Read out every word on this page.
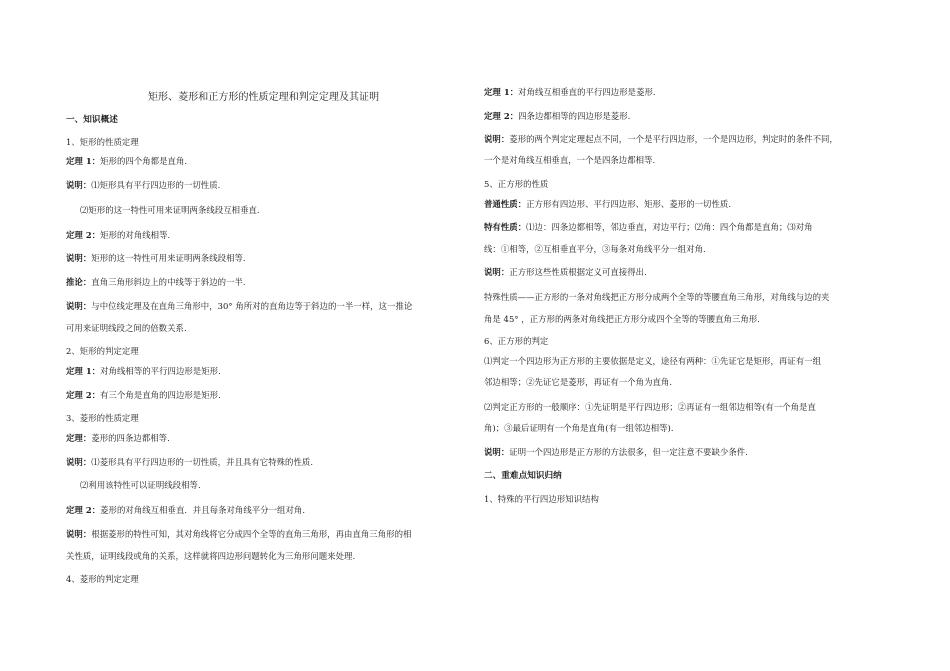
矩形、菱形和正方形的性质定理和判定定理及其证明
一、知识概述
1、矩形的性质定理
定理 1：矩形的四个角都是直角.
说明：⑴矩形具有平行四边形的一切性质.
⑵矩形的这一特性可用来证明两条线段互相垂直.
定理 2：矩形的对角线相等.
说明：矩形的这一特性可用来证明两条线段相等.
推论：直角三角形斜边上的中线等于斜边的一半.
说明：与中位线定理及在直角三角形中，30° 角所对的直角边等于斜边的一半一样，这一推论
可用来证明线段之间的倍数关系.
2、矩形的判定定理
定理 1：对角线相等的平行四边形是矩形.
定理 2：有三个角是直角的四边形是矩形.
3、菱形的性质定理
定理：菱形的四条边都相等.
说明：⑴菱形具有平行四边形的一切性质，并且具有它特殊的性质.
⑵利用该特性可以证明线段相等.
定理 2：菱形的对角线互相垂直．并且每条对角线平分一组对角.
说明：根据菱形的特性可知，其对角线将它分成四个全等的直角三角形，再由直角三角形的相
关性质，证明线段或角的关系，这样就将四边形问题转化为三角形问题来处理.
4、菱形的判定定理
定理 1：对角线互相垂直的平行四边形是菱形.
定理 2：四条边都相等的四边形是菱形.
说明：菱形的两个判定定理起点不同，一个是平行四边形，一个是四边形，判定时的条件不同，
一个是对角线互相垂直，一个是四条边都相等.
5、正方形的性质
普通性质：正方形有四边形、平行四边形、矩形、菱形的一切性质.
特有性质：⑴边：四条边都相等，邻边垂直，对边平行；⑵角：四个角都是直角；⑶对角
线：①相等，②互相垂直平分，③每条对角线平分一组对角.
说明：正方形这些性质根据定义可直接得出.
特殊性质——正方形的一条对角线把正方形分成两个全等的等腰直角三角形，对角线与边的夹
角是 45° ，正方形的两条对角线把正方形分成四个全等的等腰直角三角形.
6、正方形的判定
⑴判定一个四边形为正方形的主要依据是定义，途径有两种：①先证它是矩形，再证有一组
邻边相等；②先证它是菱形，再证有一个角为直角.
⑵判定正方形的一般顺序：①先证明是平行四边形；②再证有一组邻边相等(有一个角是直
角)；③最后证明有一个角是直角(有一组邻边相等).
说明：证明一个四边形是正方形的方法很多，但一定注意不要缺少条件.
二、重难点知识归纳
1、特殊的平行四边形知识结构
